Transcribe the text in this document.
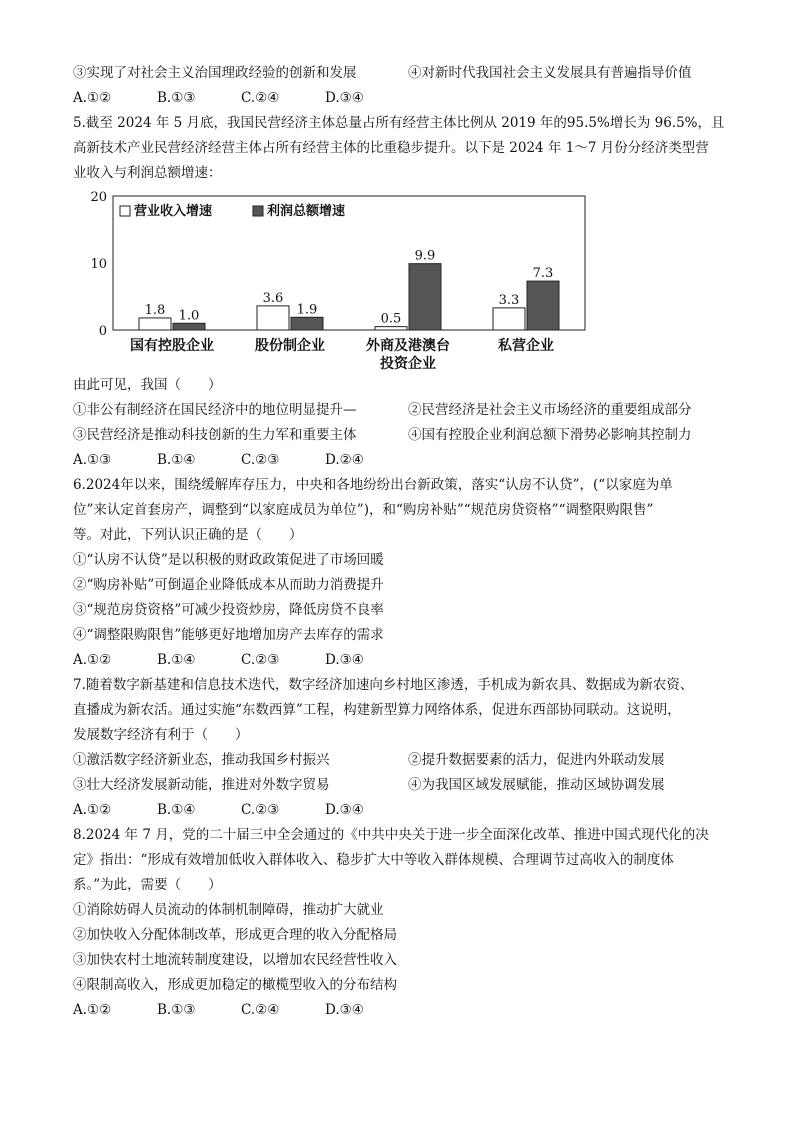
③实现了对社会主义治国理政经验的创新和发展	④对新时代我国社会主义发展具有普遍指导价值
A.①②	B.①③	C.②④	D.③④
5.截至 2024 年 5 月底，我国民营经济主体总量占所有经营主体比例从 2019 年的95.5%增长为 96.5%，且
高新技术产业民营经济经营主体占所有经营主体的比重稳步提升。以下是 2024 年 1～7 月份分经济类型营
业收入与利润总额增速：
0
10
20
1.8 1.0
3.6
1.9
0.5
9.9
3.3
7.3
国有控股企业	股份制企业	外商及港澳台
投资企业
私营企业
营业收入增速	利润总额增速
由此可见，我国（　　）
①非公有制经济在国民经济中的地位明显提升—	②民营经济是社会主义市场经济的重要组成部分
③民营经济是推动科技创新的生力军和重要主体	④国有控股企业利润总额下滑势必影响其控制力
A.①③	B.①④	C.②③	D.②④
6.2024年以来，围绕缓解库存压力，中央和各地纷纷出台新政策，落实“认房不认贷”，(“以家庭为单
位”来认定首套房产，调整到“以家庭成员为单位”)，和“购房补贴”“规范房贷资格”“调整限购限售”
等。对此，下列认识正确的是（　　）
①“认房不认贷”是以积极的财政政策促进了市场回暖
②“购房补贴”可倒逼企业降低成本从而助力消费提升
③“规范房贷资格”可减少投资炒房，降低房贷不良率
④“调整限购限售”能够更好地增加房产去库存的需求
A.①②	B.①④	C.②③	D.③④
7.随着数字新基建和信息技术迭代，数字经济加速向乡村地区渗透，手机成为新农具、数据成为新农资、
直播成为新农活。通过实施“东数西算”工程，构建新型算力网络体系，促进东西部协同联动。这说明，
发展数字经济有利于（　　）
①激活数字经济新业态，推动我国乡村振兴	②提升数据要素的活力，促进内外联动发展
③壮大经济发展新动能，推进对外数字贸易	④为我国区域发展赋能，推动区域协调发展
A.①②	B.①④	C.②③	D.③④
8.2024 年 7 月，党的二十届三中全会通过的《中共中央关于进一步全面深化改革、推进中国式现代化的决
定》指出：“形成有效增加低收入群体收入、稳步扩大中等收入群体规模、合理调节过高收入的制度体
系。”为此，需要（　　）
①消除妨碍人员流动的体制机制障碍，推动扩大就业
②加快收入分配体制改革，形成更合理的收入分配格局
③加快农村土地流转制度建设，以增加农民经营性收入
④限制高收入，形成更加稳定的橄榄型收入的分布结构
A.①②	B.①③	C.②④	D.③④
